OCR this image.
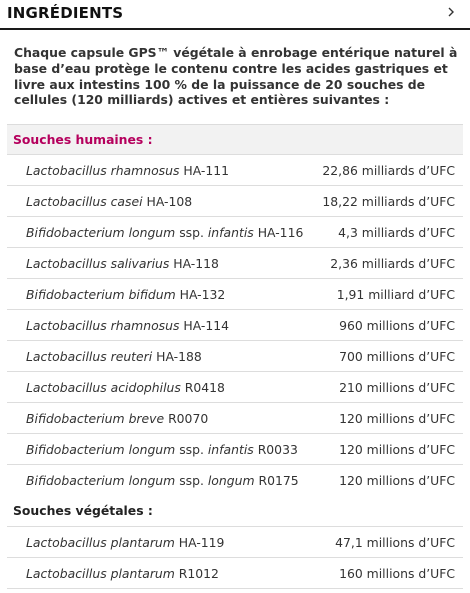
INGRÉDIENTS
Chaque capsule GPS™ végétale à enrobage entérique naturel à base d’eau protège le contenu contre les acides gastriques et livre aux intestins 100 % de la puissance de 20 souches de cellules (120 milliards) actives et entières suivantes :
Souches humaines :
Souches végétales :
Lactobacillus rhamnosus HA-111	22,86 milliards d’UFC
Lactobacillus casei HA-108	18,22 milliards d’UFC
Bifidobacterium longum ssp. infantis HA-116	4,3 milliards d’UFC
Lactobacillus salivarius HA-118	2,36 milliards d’UFC
Bifidobacterium bifidum HA-132	1,91 milliard d’UFC
Lactobacillus rhamnosus HA-114	960 millions d’UFC
Lactobacillus reuteri HA-188	700 millions d’UFC
Lactobacillus acidophilus R0418	210 millions d’UFC
Bifidobacterium breve R0070	120 millions d’UFC
Bifidobacterium longum ssp. infantis R0033	120 millions d’UFC
Bifidobacterium longum ssp. longum R0175	120 millions d’UFC
Lactobacillus plantarum HA-119	47,1 millions d’UFC
Lactobacillus plantarum R1012	160 millions d’UFC
